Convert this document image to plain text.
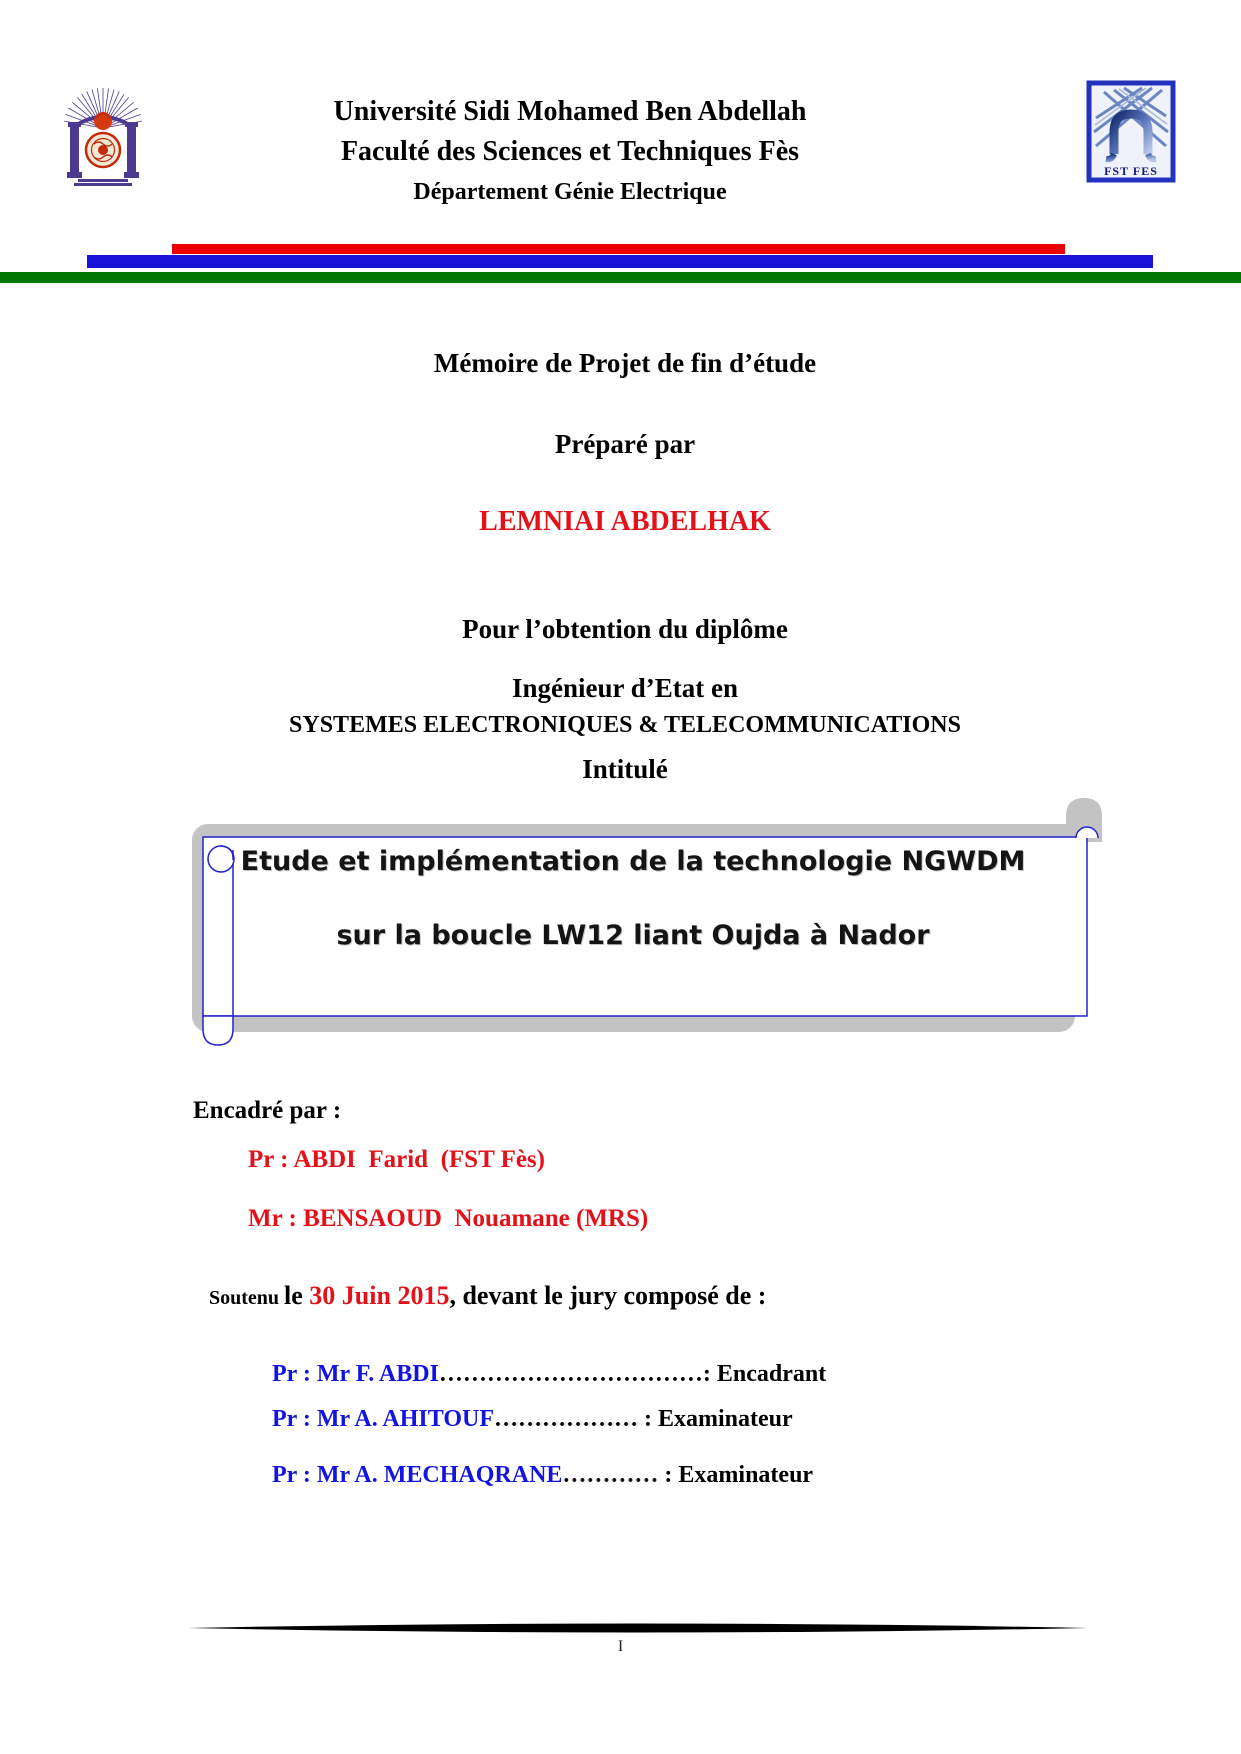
Université Sidi Mohamed Ben Abdellah
Faculté des Sciences et Techniques Fès
Département Génie Electrique
FST FES
Mémoire de Projet de fin d’étude
Préparé par
LEMNIAI ABDELHAK
Pour l’obtention du diplôme
Ingénieur d’Etat en
SYSTEMES ELECTRONIQUES & TELECOMMUNICATIONS
Intitulé
Etude et implémentation de la technologie NGWDM
sur la boucle LW12 liant Oujda à Nador
Encadré par :
Pr : ABDI  Farid  (FST Fès)
Mr : BENSAOUD  Nouamane (MRS)

Soutenu le 30 Juin 2015, devant le jury composé de :

Pr : Mr F. ABDI……………………………: Encadrant

Pr : Mr A. AHITOUF……………… : Examinateur

Pr : Mr A. MECHAQRANE………… : Examinateur

I
